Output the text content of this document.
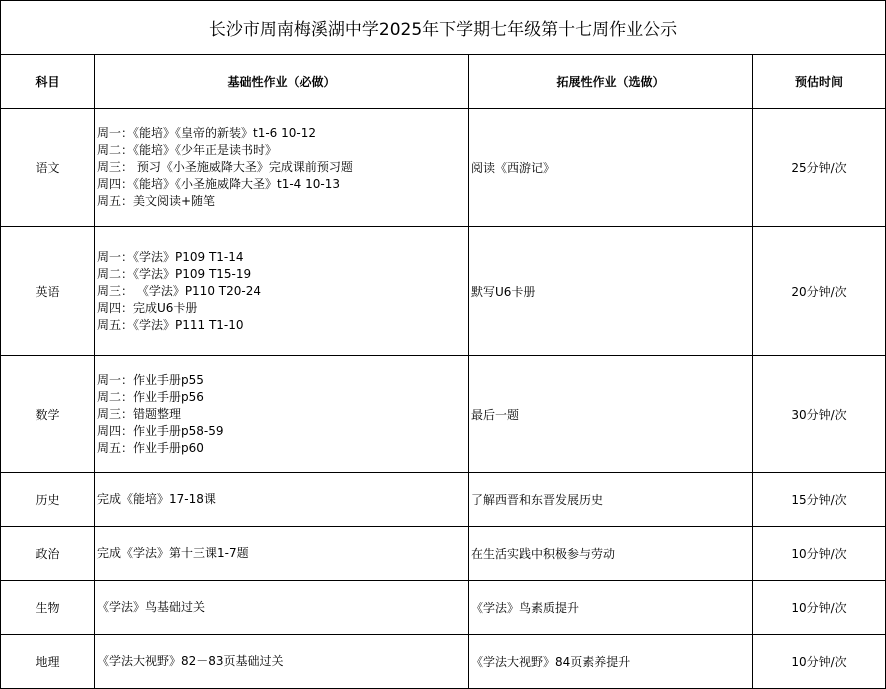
长沙市周南梅溪湖中学2025年下学期七年级第十七周作业公示			
科目	基础性作业（必做）	拓展性作业（选做）	预估时间
语文	周一：《能培》《皇帝的新装》t1-6 10-12
周二：《能培》《少年正是读书时》
周三： 预习《小圣施威降大圣》完成课前预习题
周四：《能培》《小圣施威降大圣》t1-4 10-13
周五：美文阅读+随笔	阅读《西游记》	25分钟/次
英语	周一：《学法》P109 T1-14
周二：《学法》P109 T15-19
周三： 《学法》P110 T20-24
周四：完成U6卡册
周五：《学法》P111 T1-10	默写U6卡册	20分钟/次
数学	周一：作业手册p55
周二：作业手册p56
周三：错题整理
周四：作业手册p58-59
周五：作业手册p60	最后一题	30分钟/次
历史	完成《能培》17-18课	了解西晋和东晋发展历史	15分钟/次
政治	完成《学法》第十三课1-7题	在生活实践中积极参与劳动	10分钟/次
生物	《学法》鸟基础过关	《学法》鸟素质提升	10分钟/次
地理	《学法大视野》82－83页基础过关	《学法大视野》84页素养提升	10分钟/次
